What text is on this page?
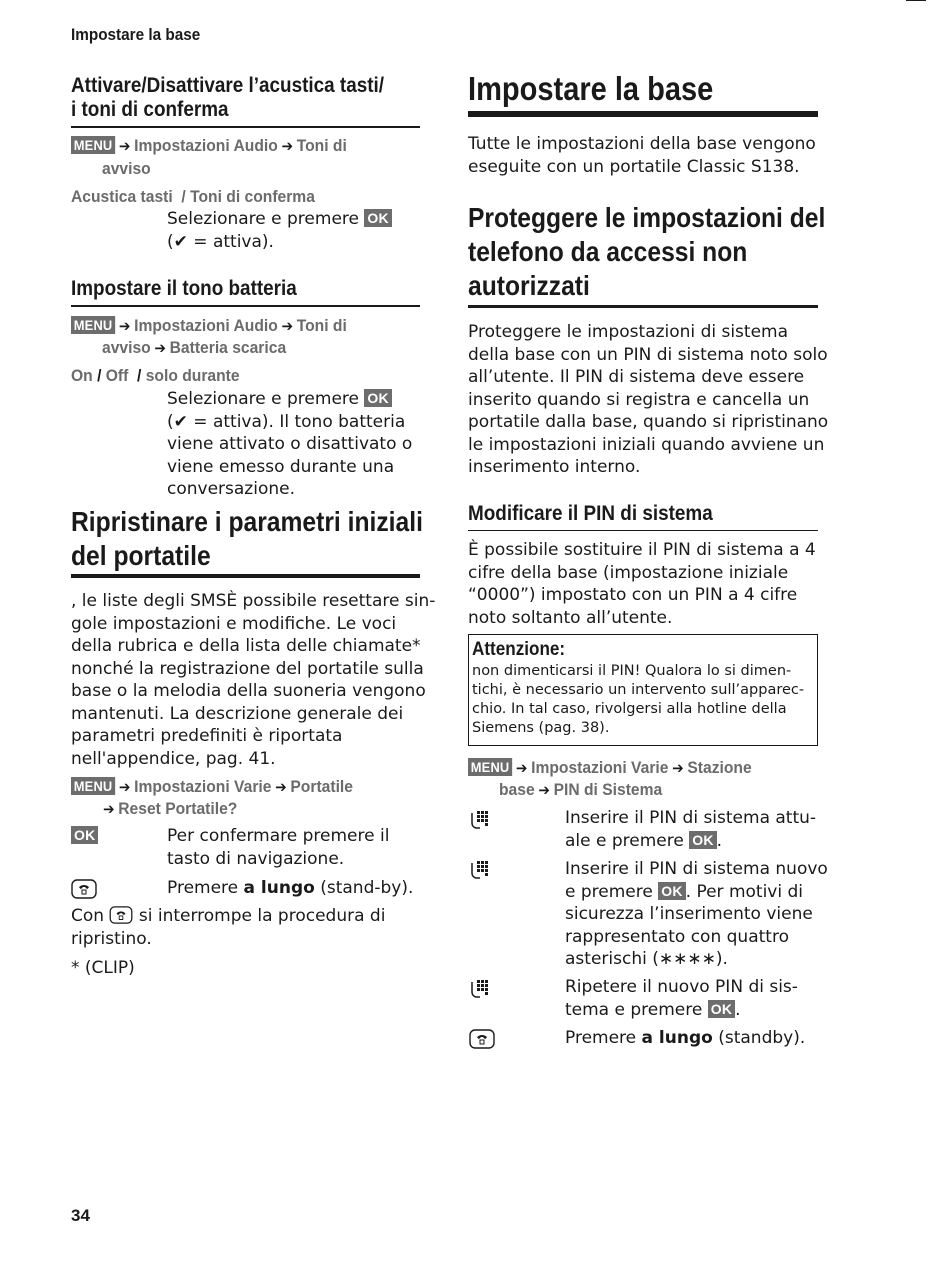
Impostare la base
Attivare/Disattivare l’acustica tasti/
i toni di conferma
MENU ➔ Impostazioni Audio ➔ Toni di
avviso
Acustica tasti  / Toni di conferma
Selezionare e premere OK
(✔ = attiva).
Impostare il tono batteria
MENU ➔ Impostazioni Audio ➔ Toni di
avviso ➔ Batteria scarica
On / Off  / solo durante
Selezionare e premere OK
(✔ = attiva). Il tono batteria
viene attivato o disattivato o
viene emesso durante una
conversazione.
Ripristinare i parametri iniziali
del portatile
, le liste degli SMSÈ possibile resettare sin-
gole impostazioni e modifiche. Le voci
della rubrica e della lista delle chiamate*
nonché la registrazione del portatile sulla
base o la melodia della suoneria vengono
mantenuti. La descrizione generale dei
parametri predefiniti è riportata
nell'appendice, pag. 41.
MENU ➔ Impostazioni Varie ➔ Portatile
➔ Reset Portatile?
OK	Per confermare premere il
tasto di navigazione.
Premere a lungo (stand-by).
Con  si interrompe la procedura di
ripristino.
* (CLIP)
Impostare la base
Tutte le impostazioni della base vengono
eseguite con un portatile Classic S138.
Proteggere le impostazioni del
telefono da accessi non
autorizzati
Proteggere le impostazioni di sistema
della base con un PIN di sistema noto solo
all’utente. Il PIN di sistema deve essere
inserito quando si registra e cancella un
portatile dalla base, quando si ripristinano
le impostazioni iniziali quando avviene un
inserimento interno.
Modificare il PIN di sistema
È possibile sostituire il PIN di sistema a 4
cifre della base (impostazione iniziale
“0000”) impostato con un PIN a 4 cifre
noto soltanto all’utente.
Attenzione:
non dimenticarsi il PIN! Qualora lo si dimen-
tichi, è necessario un intervento sull’apparec-
chio. In tal caso, rivolgersi alla hotline della
Siemens (pag. 38).
MENU ➔ Impostazioni Varie ➔ Stazione
base ➔ PIN di Sistema
Inserire il PIN di sistema attu-
ale e premere OK .
Inserire il PIN di sistema nuovo
e premere OK . Per motivi di
sicurezza l’inserimento viene
rappresentato con quattro
asterischi (∗∗∗∗).
Ripetere il nuovo PIN di sis-
tema e premere OK .
Premere a lungo (standby).
34
